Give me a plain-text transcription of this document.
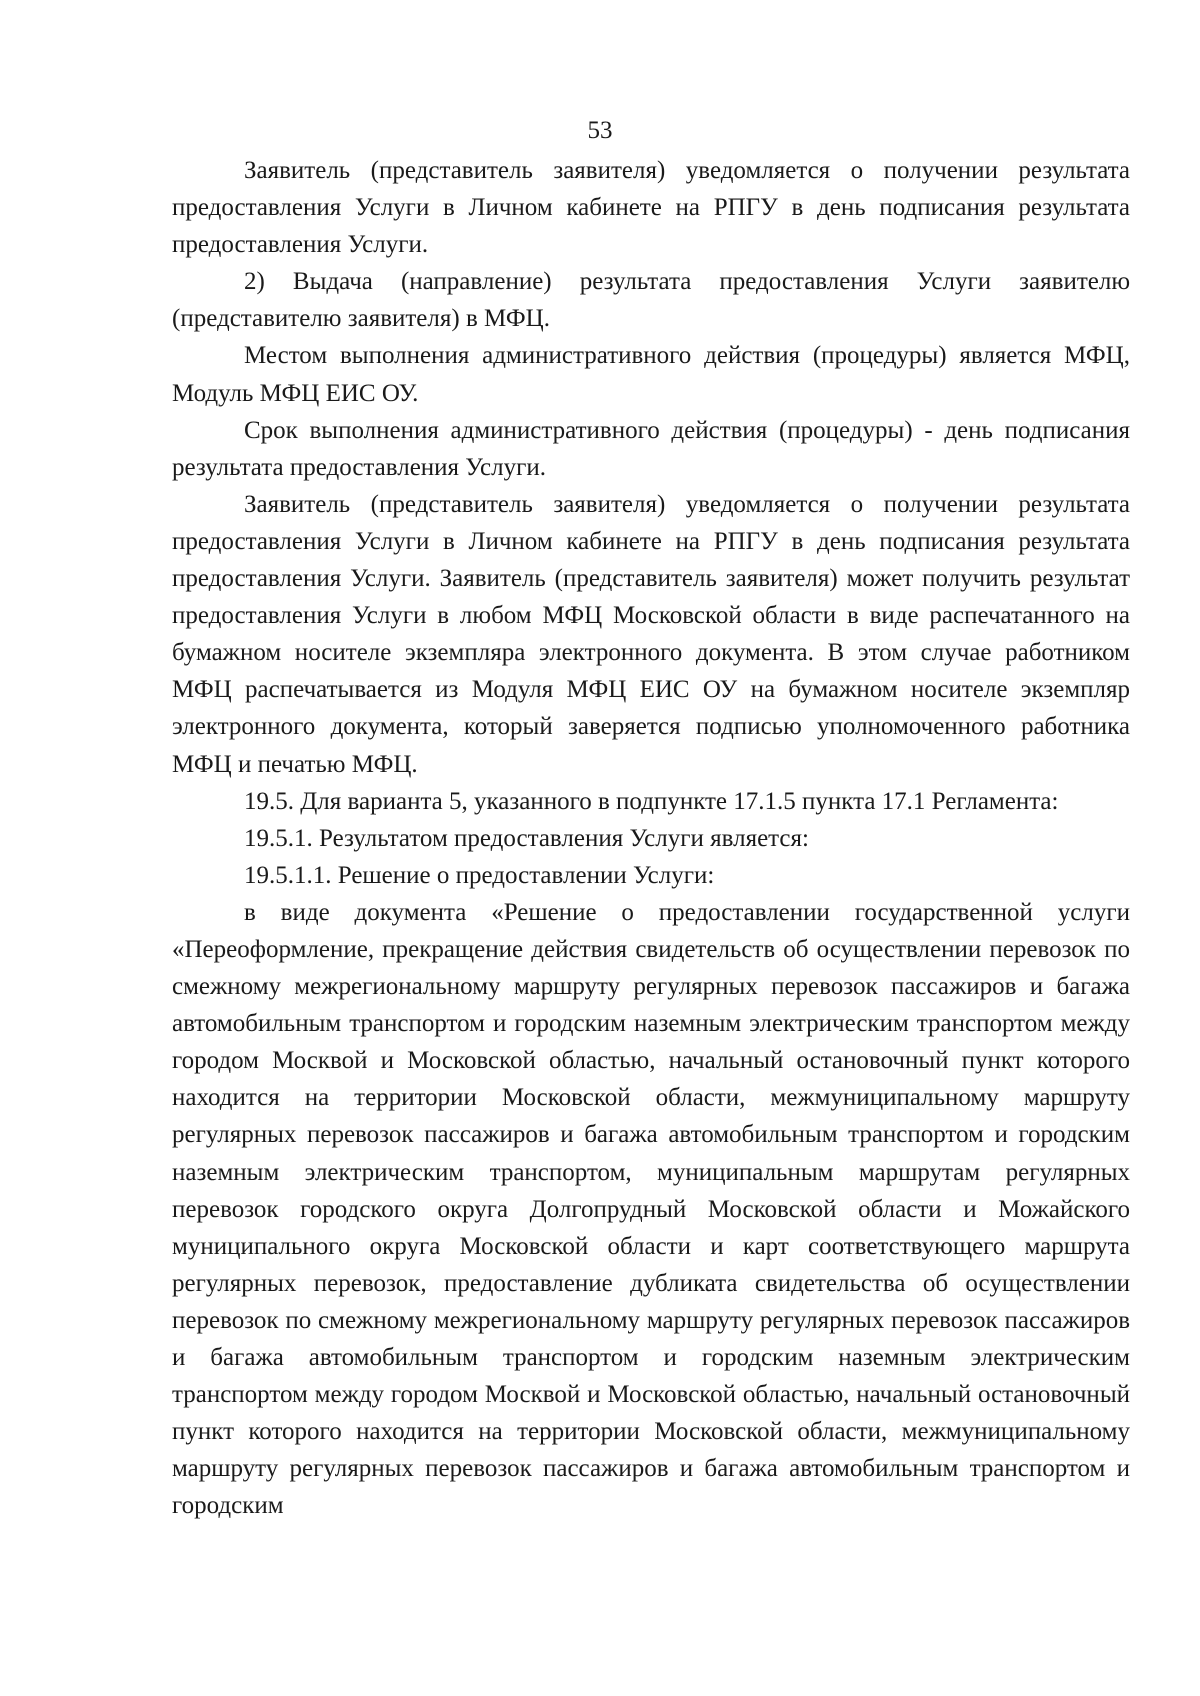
53

Заявитель (представитель заявителя) уведомляется о получении результата предоставления Услуги в Личном кабинете на РПГУ в день подписания результата предоставления Услуги.

2) Выдача (направление) результата предоставления Услуги заявителю (представителю заявителя) в МФЦ.

Местом выполнения административного действия (процедуры) является МФЦ, Модуль МФЦ ЕИС ОУ.

Срок выполнения административного действия (процедуры) - день подписания результата предоставления Услуги.

Заявитель (представитель заявителя) уведомляется о получении результата предоставления Услуги в Личном кабинете на РПГУ в день подписания результата предоставления Услуги. Заявитель (представитель заявителя) может получить результат предоставления Услуги в любом МФЦ Московской области в виде распечатанного на бумажном носителе экземпляра электронного документа. В этом случае работником МФЦ распечатывается из Модуля МФЦ ЕИС ОУ на бумажном носителе экземпляр электронного документа, который заверяется подписью уполномоченного работника МФЦ и печатью МФЦ.

19.5. Для варианта 5, указанного в подпункте 17.1.5 пункта 17.1 Регламента:

19.5.1. Результатом предоставления Услуги является:

19.5.1.1. Решение о предоставлении Услуги:

в виде документа «Решение о предоставлении государственной услуги «Переоформление, прекращение действия свидетельств об осуществлении перевозок по смежному межрегиональному маршруту регулярных перевозок пассажиров и багажа автомобильным транспортом и городским наземным электрическим транспортом между городом Москвой и Московской областью, начальный остановочный пункт которого находится на территории Московской области, межмуниципальному маршруту регулярных перевозок пассажиров и багажа автомобильным транспортом и городским наземным электрическим транспортом, муниципальным маршрутам регулярных перевозок городского округа Долгопрудный Московской области и Можайского муниципального округа Московской области и карт соответствующего маршрута регулярных перевозок, предоставление дубликата свидетельства об осуществлении перевозок по смежному межрегиональному маршруту регулярных перевозок пассажиров и багажа автомобильным транспортом и городским наземным электрическим транспортом между городом Москвой и Московской областью, начальный остановочный пункт которого находится на территории Московской области, межмуниципальному маршруту регулярных перевозок пассажиров и багажа автомобильным транспортом и городским
